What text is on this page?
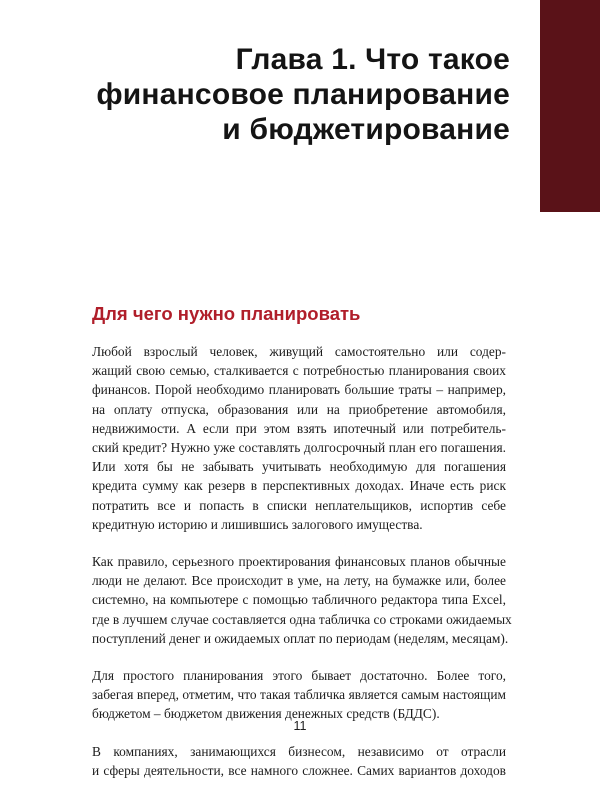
Глава 1. Что такое
финансовое планирование
и бюджетирование
Для чего нужно планировать

Любой взрослый человек, живущий самостоятельно или содер-
жащий свою семью, сталкивается с потребностью планирования своих
финансов. Порой необходимо планировать большие траты – например,
на оплату отпуска, образования или на приобретение автомобиля,
недвижимости. А если при этом взять ипотечный или потребитель-
ский кредит? Нужно уже составлять долгосрочный план его погашения.
Или хотя бы не забывать учитывать необходимую для погашения
кредита сумму как резерв в перспективных доходах. Иначе есть риск
потратить все и попасть в списки неплательщиков, испортив себе
кредитную историю и лишившись залогового имущества.

Как правило, серьезного проектирования финансовых планов обычные
люди не делают. Все происходит в уме, на лету, на бумажке или, более
системно, на компьютере с помощью табличного редактора типа Excel,
где в лучшем случае составляется одна табличка со строками ожидаемых
поступлений денег и ожидаемых оплат по периодам (неделям, месяцам).

Для простого планирования этого бывает достаточно. Более того,
забегая вперед, отметим, что такая табличка является самым настоящим
бюджетом – бюджетом движения денежных средств (БДДС).

В компаниях, занимающихся бизнесом, независимо от отрасли
и сферы деятельности, все намного сложнее. Самих вариантов доходов

11
